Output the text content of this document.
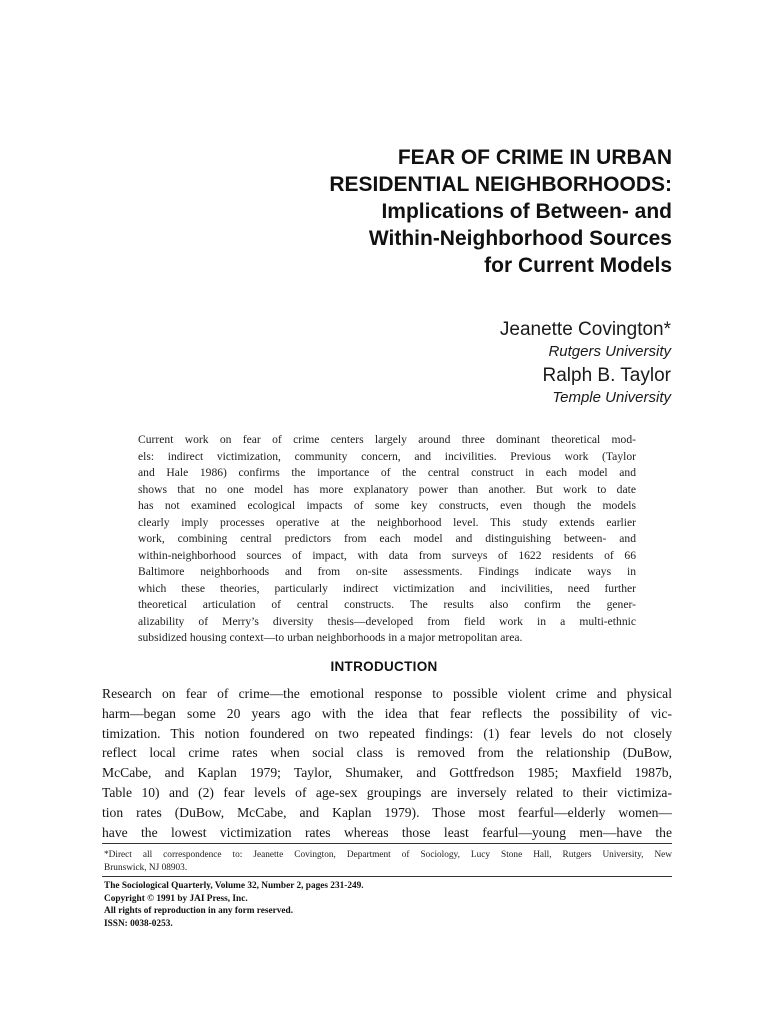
FEAR OF CRIME IN URBAN
RESIDENTIAL NEIGHBORHOODS:
Implications of Between- and
Within-Neighborhood Sources
for Current Models
Jeanette Covington*
Rutgers University
Ralph B. Taylor
Temple University
Current work on fear of crime centers largely around three dominant theoretical mod-
els: indirect victimization, community concern, and incivilities. Previous work (Taylor
and Hale 1986) confirms the importance of the central construct in each model and
shows that no one model has more explanatory power than another. But work to date
has not examined ecological impacts of some key constructs, even though the models
clearly imply processes operative at the neighborhood level. This study extends earlier
work, combining central predictors from each model and distinguishing between- and
within-neighborhood sources of impact, with data from surveys of 1622 residents of 66
Baltimore neighborhoods and from on-site assessments. Findings indicate ways in
which these theories, particularly indirect victimization and incivilities, need further
theoretical articulation of central constructs. The results also confirm the gener-
alizability of Merry’s diversity thesis—developed from field work in a multi-ethnic
subsidized housing context—to urban neighborhoods in a major metropolitan area.
INTRODUCTION
Research on fear of crime—the emotional response to possible violent crime and physical
harm—began some 20 years ago with the idea that fear reflects the possibility of vic-
timization. This notion foundered on two repeated findings: (1) fear levels do not closely
reflect local crime rates when social class is removed from the relationship (DuBow,
McCabe, and Kaplan 1979; Taylor, Shumaker, and Gottfredson 1985; Maxfield 1987b,
Table 10) and (2) fear levels of age-sex groupings are inversely related to their victimiza-
tion rates (DuBow, McCabe, and Kaplan 1979). Those most fearful—elderly women—
have the lowest victimization rates whereas those least fearful—young men—have the
*Direct all correspondence to: Jeanette Covington, Department of Sociology, Lucy Stone Hall, Rutgers University, New
Brunswick, NJ 08903.
The Sociological Quarterly, Volume 32, Number 2, pages 231-249.
Copyright © 1991 by JAI Press, Inc.
All rights of reproduction in any form reserved.
ISSN: 0038-0253.
